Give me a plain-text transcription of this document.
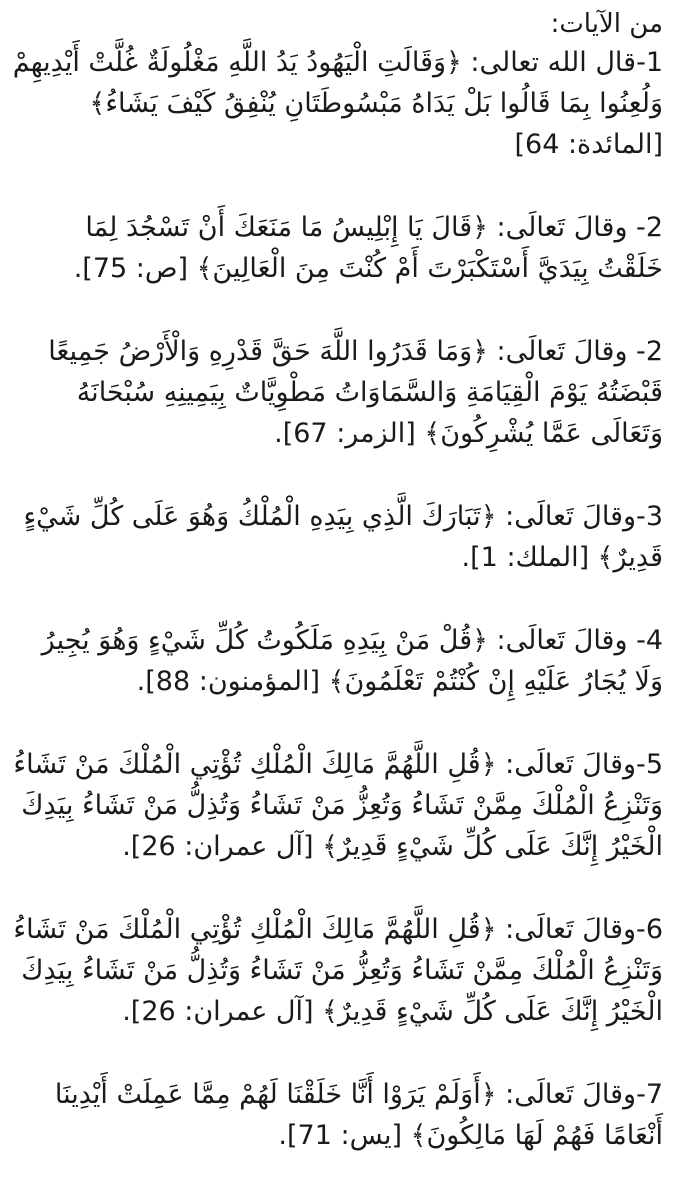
من الآيات:

1-قال الله تعالى: ﴿وَقَالَتِ الْيَهُودُ يَدُ اللَّهِ مَغْلُولَةٌ غُلَّتْ أَيْدِيهِمْ وَلُعِنُوا بِمَا قَالُوا بَلْ يَدَاهُ مَبْسُوطَتَانِ يُنْفِقُ كَيْفَ يَشَاءُ﴾ [المائدة: 64]

2- وقالَ تَعالَى: ﴿قَالَ يَا إِبْلِيسُ مَا مَنَعَكَ أَنْ تَسْجُدَ لِمَا خَلَقْتُ بِيَدَيَّ أَسْتَكْبَرْتَ أَمْ كُنْتَ مِنَ الْعَالِينَ﴾ [ص: 75].

2- وقالَ تَعالَى: ﴿وَمَا قَدَرُوا اللَّهَ حَقَّ قَدْرِهِ وَالْأَرْضُ جَمِيعًا قَبْضَتُهُ يَوْمَ الْقِيَامَةِ وَالسَّمَاوَاتُ مَطْوِيَّاتٌ بِيَمِينِهِ سُبْحَانَهُ وَتَعَالَى عَمَّا يُشْرِكُونَ﴾ [الزمر: 67].

3-وقالَ تَعالَى: ﴿تَبَارَكَ الَّذِي بِيَدِهِ الْمُلْكُ وَهُوَ عَلَى كُلِّ شَيْءٍ قَدِيرٌ﴾ [الملك: 1].

4- وقالَ تَعالَى: ﴿قُلْ مَنْ بِيَدِهِ مَلَكُوتُ كُلِّ شَيْءٍ وَهُوَ يُجِيرُ وَلَا يُجَارُ عَلَيْهِ إِنْ كُنْتُمْ تَعْلَمُونَ﴾ [المؤمنون: 88].

5-وقالَ تَعالَى: ﴿قُلِ اللَّهُمَّ مَالِكَ الْمُلْكِ تُؤْتِي الْمُلْكَ مَنْ تَشَاءُ وَتَنْزِعُ الْمُلْكَ مِمَّنْ تَشَاءُ وَتُعِزُّ مَنْ تَشَاءُ وَتُذِلُّ مَنْ تَشَاءُ بِيَدِكَ الْخَيْرُ إِنَّكَ عَلَى كُلِّ شَيْءٍ قَدِيرٌ﴾ [آل عمران: 26].

6-وقالَ تَعالَى: ﴿قُلِ اللَّهُمَّ مَالِكَ الْمُلْكِ تُؤْتِي الْمُلْكَ مَنْ تَشَاءُ وَتَنْزِعُ الْمُلْكَ مِمَّنْ تَشَاءُ وَتُعِزُّ مَنْ تَشَاءُ وَتُذِلُّ مَنْ تَشَاءُ بِيَدِكَ الْخَيْرُ إِنَّكَ عَلَى كُلِّ شَيْءٍ قَدِيرٌ﴾ [آل عمران: 26].

7-وقالَ تَعالَى: ﴿أَوَلَمْ يَرَوْا أَنَّا خَلَقْنَا لَهُمْ مِمَّا عَمِلَتْ أَيْدِينَا أَنْعَامًا فَهُمْ لَهَا مَالِكُونَ﴾ [يس: 71].
